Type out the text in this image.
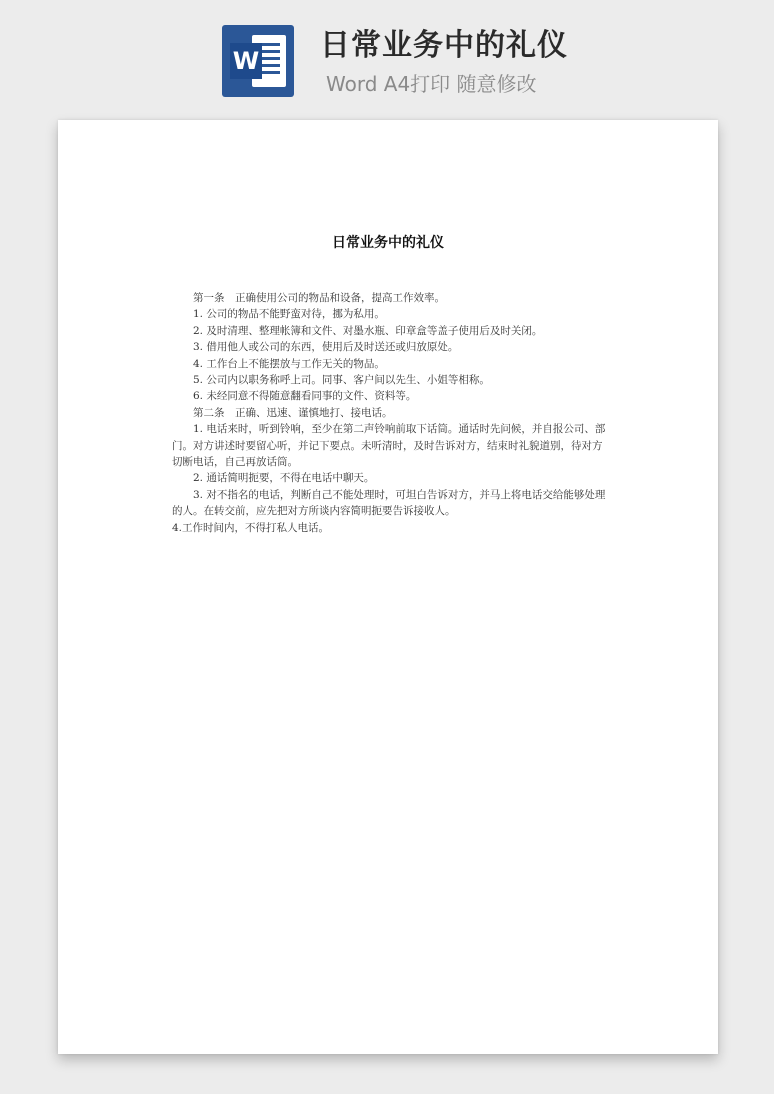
W 日常业务中的礼仪
Word A4打印 随意修改
日常业务中的礼仪

第一条　正确使用公司的物品和设备，提高工作效率。

1. 公司的物品不能野蛮对待，挪为私用。

2. 及时清理、整理帐簿和文件、对墨水瓶、印章盒等盖子使用后及时关闭。

3. 借用他人或公司的东西，使用后及时送还或归放原处。

4. 工作台上不能摆放与工作无关的物品。

5. 公司内以职务称呼上司。同事、客户间以先生、小姐等相称。

6. 未经同意不得随意翻看同事的文件、资料等。

第二条　正确、迅速、谨慎地打、接电话。

1. 电话来时，听到铃响，至少在第二声铃响前取下话筒。通话时先问候，并自报公司、部门。对方讲述时要留心听，并记下要点。未听清时，及时告诉对方，结束时礼貌道别，待对方切断电话，自己再放话筒。

2. 通话简明扼要，不得在电话中聊天。

3. 对不指名的电话，判断自己不能处理时，可坦白告诉对方，并马上将电话交给能够处理的人。在转交前，应先把对方所谈内容简明扼要告诉接收人。

4.工作时间内，不得打私人电话。
